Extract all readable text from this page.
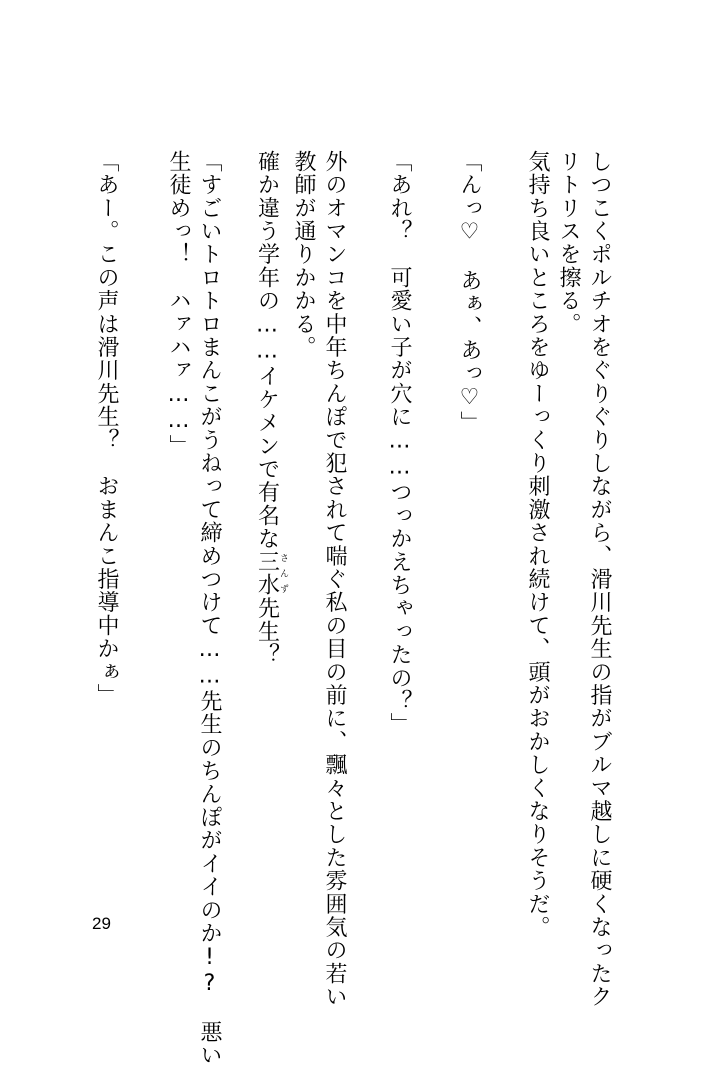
しつこくポルチオをぐりぐりしながら、滑川先生の指がブルマ越しに硬くなったク
リトリスを擦る。
気持ち良いところをゆーっくり刺激され続けて、頭がおかしくなりそうだ。
「んっ♡　あぁ、あっ♡」
「あれ？　可愛い子が穴に……つっかえちゃったの？」
外のオマンコを中年ちんぽで犯されて喘ぐ私の目の前に、飄々とした雰囲気の若い
教師が通りかかる。
確か違う学年の……イケメンで有名な三水さんず先生？
「すごいトロトロまんこがうねって締めつけて……先生のちんぽがイイのか!?　悪い
生徒めっ！　ハァハァ……」
「あー。この声は滑川先生？　おまんこ指導中かぁ」
29
